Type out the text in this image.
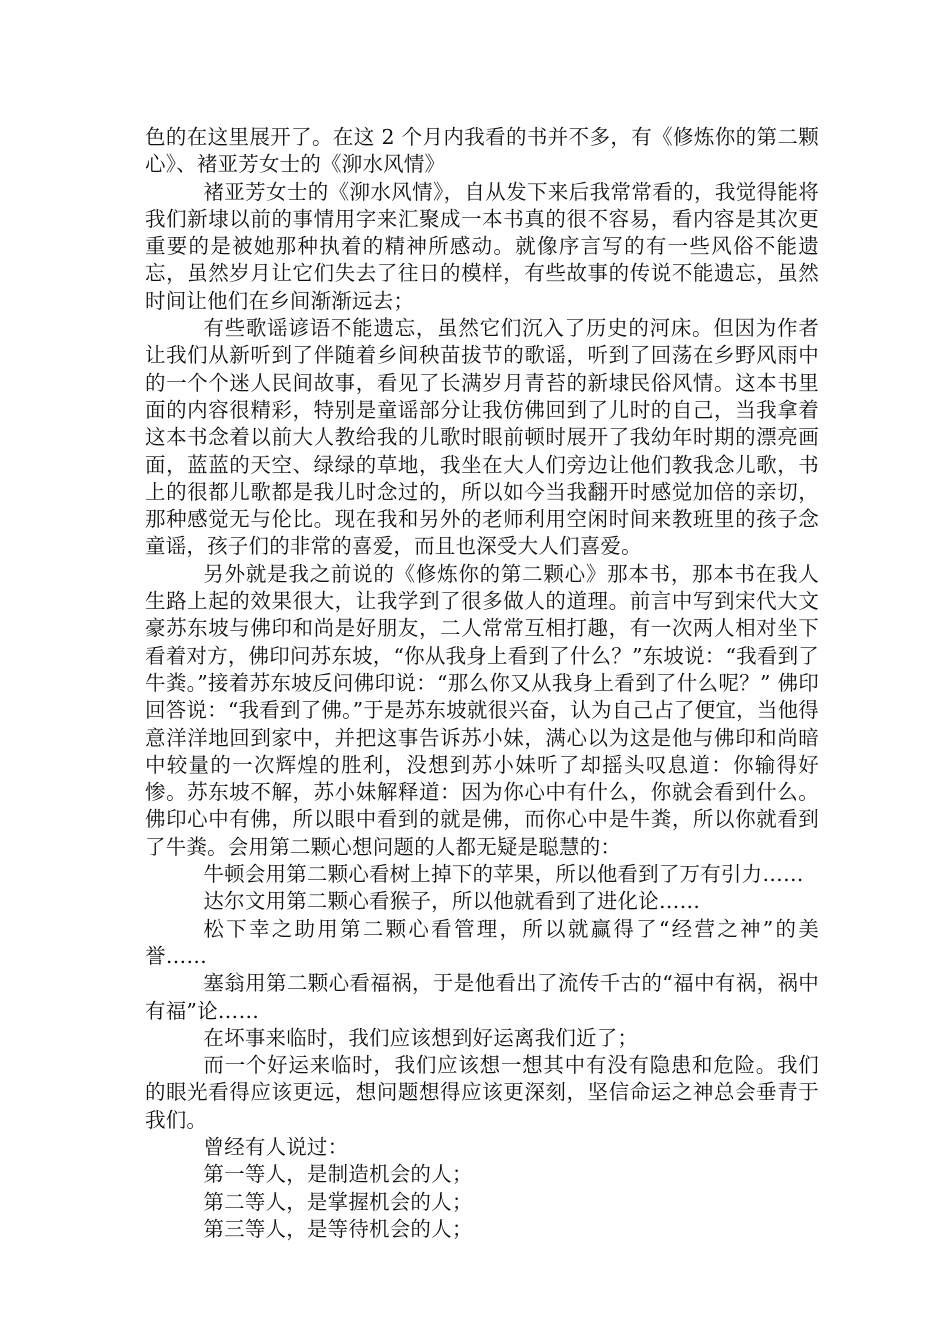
色的在这里展开了。在这 2 个月内我看的书并不多，有《修炼你的第二颗心》、褚亚芳女士的《泖水风情》

褚亚芳女士的《泖水风情》，自从发下来后我常常看的，我觉得能将我们新埭以前的事情用字来汇聚成一本书真的很不容易，看内容是其次更重要的是被她那种执着的精神所感动。就像序言写的有一些风俗不能遗忘，虽然岁月让它们失去了往日的模样，有些故事的传说不能遗忘，虽然时间让他们在乡间渐渐远去；

有些歌谣谚语不能遗忘，虽然它们沉入了历史的河床。但因为作者让我们从新听到了伴随着乡间秧苗拔节的歌谣，听到了回荡在乡野风雨中的一个个迷人民间故事，看见了长满岁月青苔的新埭民俗风情。这本书里面的内容很精彩，特别是童谣部分让我仿佛回到了儿时的自己，当我拿着这本书念着以前大人教给我的儿歌时眼前顿时展开了我幼年时期的漂亮画面，蓝蓝的天空、绿绿的草地，我坐在大人们旁边让他们教我念儿歌，书上的很都儿歌都是我儿时念过的，所以如今当我翻开时感觉加倍的亲切，那种感觉无与伦比。现在我和另外的老师利用空闲时间来教班里的孩子念童谣，孩子们的非常的喜爱，而且也深受大人们喜爱。

另外就是我之前说的《修炼你的第二颗心》那本书，那本书在我人生路上起的效果很大，让我学到了很多做人的道理。前言中写到宋代大文豪苏东坡与佛印和尚是好朋友，二人常常互相打趣，有一次两人相对坐下看着对方，佛印问苏东坡，“你从我身上看到了什么？”东坡说：“我看到了牛粪。”接着苏东坡反问佛印说：“那么你又从我身上看到了什么呢？” 佛印回答说：“我看到了佛。”于是苏东坡就很兴奋，认为自己占了便宜，当他得意洋洋地回到家中，并把这事告诉苏小妹，满心以为这是他与佛印和尚暗中较量的一次辉煌的胜利，没想到苏小妹听了却摇头叹息道：你输得好惨。苏东坡不解，苏小妹解释道：因为你心中有什么，你就会看到什么。佛印心中有佛，所以眼中看到的就是佛，而你心中是牛粪，所以你就看到了牛粪。会用第二颗心想问题的人都无疑是聪慧的：

牛顿会用第二颗心看树上掉下的苹果，所以他看到了万有引力……

达尔文用第二颗心看猴子，所以他就看到了进化论……

松下幸之助用第二颗心看管理，所以就赢得了“经营之神”的美誉……

塞翁用第二颗心看福祸，于是他看出了流传千古的“福中有祸，祸中有福”论……

在坏事来临时，我们应该想到好运离我们近了；

而一个好运来临时，我们应该想一想其中有没有隐患和危险。我们的眼光看得应该更远，想问题想得应该更深刻，坚信命运之神总会垂青于我们。

曾经有人说过：

第一等人，是制造机会的人；

第二等人，是掌握机会的人；

第三等人，是等待机会的人；
